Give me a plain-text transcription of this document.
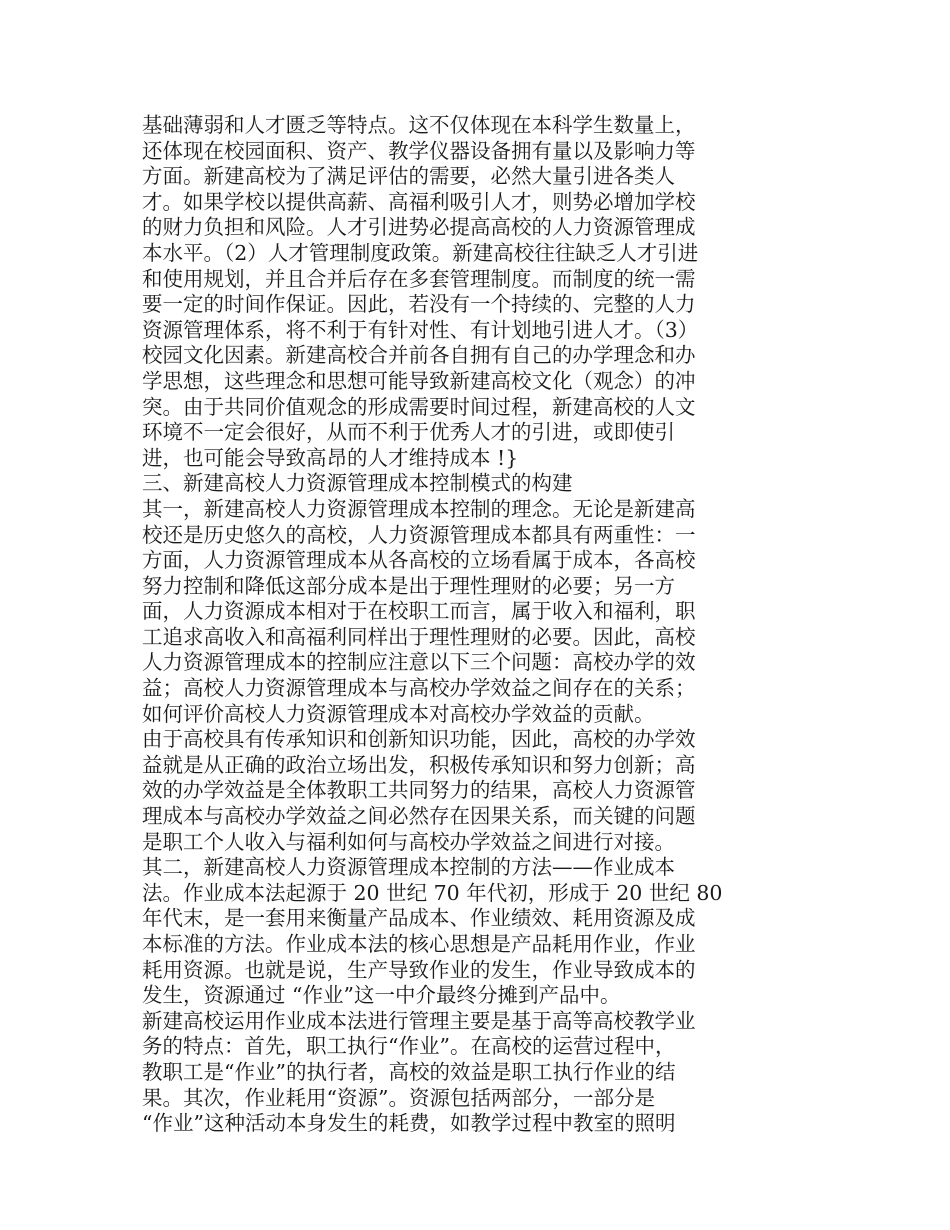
基础薄弱和人才匮乏等特点。这不仅体现在本科学生数量上，
还体现在校园面积、资产、教学仪器设备拥有量以及影响力等
方面。新建高校为了满足评估的需要，必然大量引进各类人
才。如果学校以提供高薪、高福利吸引人才，则势必增加学校
的财力负担和风险。人才引进势必提高高校的人力资源管理成
本水平。（2）人才管理制度政策。新建高校往往缺乏人才引进
和使用规划，并且合并后存在多套管理制度。而制度的统一需
要一定的时间作保证。因此，若没有一个持续的、完整的人力
资源管理体系，将不利于有针对性、有计划地引进人才。（3）
校园文化因素。新建高校合并前各自拥有自己的办学理念和办
学思想，这些理念和思想可能导致新建高校文化（观念）的冲
突。由于共同价值观念的形成需要时间过程，新建高校的人文
环境不一定会很好，从而不利于优秀人才的引进，或即使引
进，也可能会导致高昂的人才维持成本 !}
三、新建高校人力资源管理成本控制模式的构建
其一，新建高校人力资源管理成本控制的理念。无论是新建高
校还是历史悠久的高校，人力资源管理成本都具有两重性：一
方面，人力资源管理成本从各高校的立场看属于成本，各高校
努力控制和降低这部分成本是出于理性理财的必要；另一方
面，人力资源成本相对于在校职工而言，属于收入和福利，职
工追求高收入和高福利同样出于理性理财的必要。因此，高校
人力资源管理成本的控制应注意以下三个问题：高校办学的效
益；高校人力资源管理成本与高校办学效益之间存在的关系；
如何评价高校人力资源管理成本对高校办学效益的贡献。
由于高校具有传承知识和创新知识功能，因此，高校的办学效
益就是从正确的政治立场出发，积极传承知识和努力创新；高
效的办学效益是全体教职工共同努力的结果，高校人力资源管
理成本与高校办学效益之间必然存在因果关系，而关键的问题
是职工个人收入与福利如何与高校办学效益之间进行对接。
其二，新建高校人力资源管理成本控制的方法——作业成本
法。作业成本法起源于 20 世纪 70 年代初，形成于 20 世纪 80
年代末，是一套用来衡量产品成本、作业绩效、耗用资源及成
本标准的方法。作业成本法的核心思想是产品耗用作业，作业
耗用资源。也就是说，生产导致作业的发生，作业导致成本的
发生，资源通过 “作业”这一中介最终分摊到产品中。
新建高校运用作业成本法进行管理主要是基于高等高校教学业
务的特点：首先，职工执行“作业”。在高校的运营过程中，
教职工是“作业”的执行者，高校的效益是职工执行作业的结
果。其次，作业耗用“资源”。资源包括两部分，一部分是
“作业”这种活动本身发生的耗费，如教学过程中教室的照明
